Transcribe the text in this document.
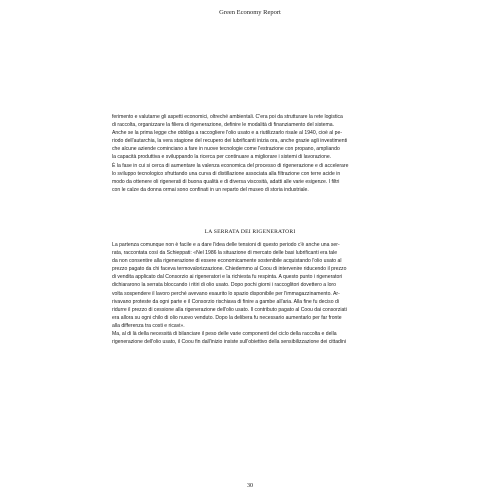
Green Economy Report
ferimento e valutarne gli aspetti economici, oltreché ambientali. C'era poi da strutturare la rete logistica
di raccolta, organizzare la filiera di rigenerazione, definire le modalità di finanziamento del sistema.
Anche se la prima legge che obbliga a raccogliere l'olio usato e a riutilizzarlo risale al 1940, cioè al pe-
riodo dell'autarchia, la vera stagione del recupero dei lubrificanti inizia ora, anche grazie agli investimenti
che alcune aziende cominciano a fare in nuove tecnologie come l'estrazione con propano, ampliando
la capacità produttiva e sviluppando la ricerca per continuare a migliorare i sistemi di lavorazione.
È la fase in cui si cerca di aumentare la valenza economica del processo di rigenerazione e di accelerare
lo sviluppo tecnologico sfruttando una curva di distillazione associata alla filtrazione con terre acide in
modo da ottenere oli rigenerati di buona qualità e di diversa viscosità, adatti alle varie esigenze. I filtri
con le calze da donna ormai sono confinati in un reparto del museo di storia industriale.
LA SERRATA DEI RIGENERATORI
La partenza comunque non è facile e a dare l'idea delle tensioni di questo periodo c'è anche una ser-
rata, raccontata così da Schieppati: «Nel 1986 la situazione di mercato delle basi lubrificanti era tale
da non consentire alla rigenerazione di essere economicamente sostenibile acquistando l'olio usato al
prezzo pagato da chi faceva termovalorizzazione. Chiedemmo al Coou di intervenire riducendo il prezzo
di vendita applicato dal Consorzio ai rigeneratori e la richiesta fu respinta. A questo punto i rigeneratori
dichiararono la serrata bloccando i ritiri di olio usato. Dopo pochi giorni i raccoglitori dovettero a loro
volta sospendere il lavoro perché avevano esaurito lo spazio disponibile per l'immagazzinamento. Ar-
rivavano proteste da ogni parte e il Consorzio rischiava di finire a gambe all'aria. Alla fine fu deciso di
ridurre il prezzo di cessione alla rigenerazione dell'olio usato. Il contributo pagato al Coou dai consorziati
era allora su ogni chilo di olio nuovo venduto. Dopo la delibera fu necessario aumentarlo per far fronte
alla differenza tra costi e ricavi».
Ma, al di là della necessità di bilanciare il peso delle varie componenti del ciclo della raccolta e della
rigenerazione dell'olio usato, il Coou fin dall'inizio insiste sull'obiettivo della sensibilizzazione dei cittadini
30
